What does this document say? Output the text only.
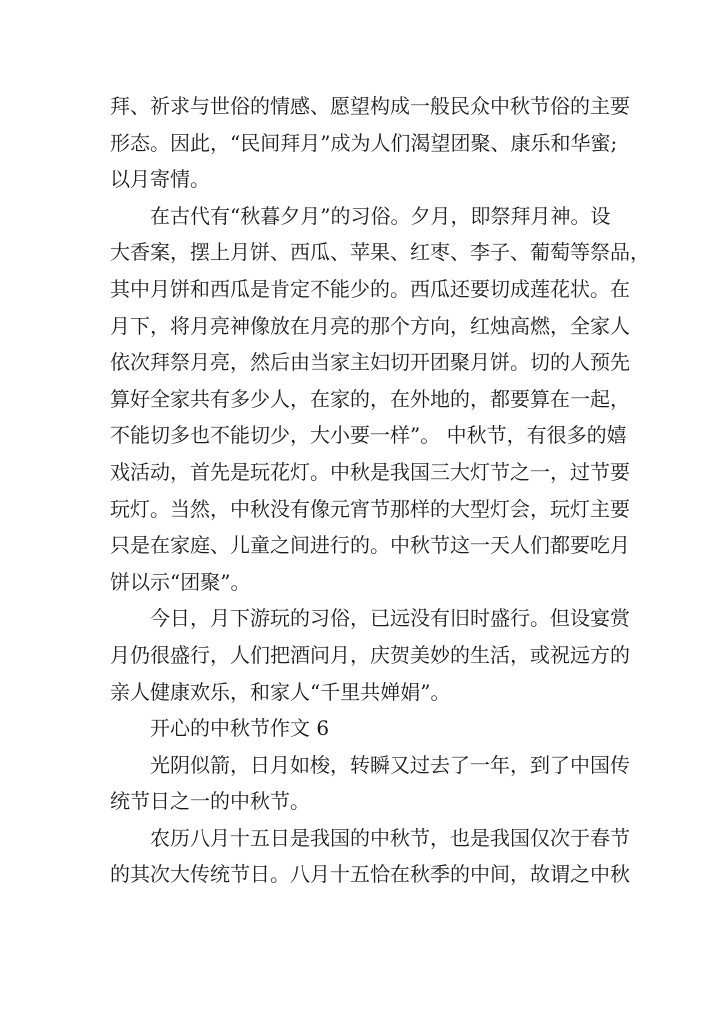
拜、祈求与世俗的情感、愿望构成一般民众中秋节俗的主要
形态。因此，“民间拜月”成为人们渴望团聚、康乐和华蜜;
以月寄情。

在古代有“秋暮夕月”的习俗。夕月，即祭拜月神。设
大香案，摆上月饼、西瓜、苹果、红枣、李子、葡萄等祭品，
其中月饼和西瓜是肯定不能少的。西瓜还要切成莲花状。在
月下，将月亮神像放在月亮的那个方向，红烛高燃，全家人
依次拜祭月亮，然后由当家主妇切开团聚月饼。切的人预先
算好全家共有多少人，在家的，在外地的，都要算在一起，
不能切多也不能切少，大小要一样”。 中秋节，有很多的嬉
戏活动，首先是玩花灯。中秋是我国三大灯节之一，过节要
玩灯。当然，中秋没有像元宵节那样的大型灯会，玩灯主要
只是在家庭、儿童之间进行的。中秋节这一天人们都要吃月
饼以示“团聚”。

今日，月下游玩的习俗，已远没有旧时盛行。但设宴赏
月仍很盛行，人们把酒问月，庆贺美妙的生活，或祝远方的
亲人健康欢乐，和家人“千里共婵娟”。

开心的中秋节作文 6

光阴似箭，日月如梭，转瞬又过去了一年，到了中国传
统节日之一的中秋节。

农历八月十五日是我国的中秋节，也是我国仅次于春节
的其次大传统节日。八月十五恰在秋季的中间，故谓之中秋
